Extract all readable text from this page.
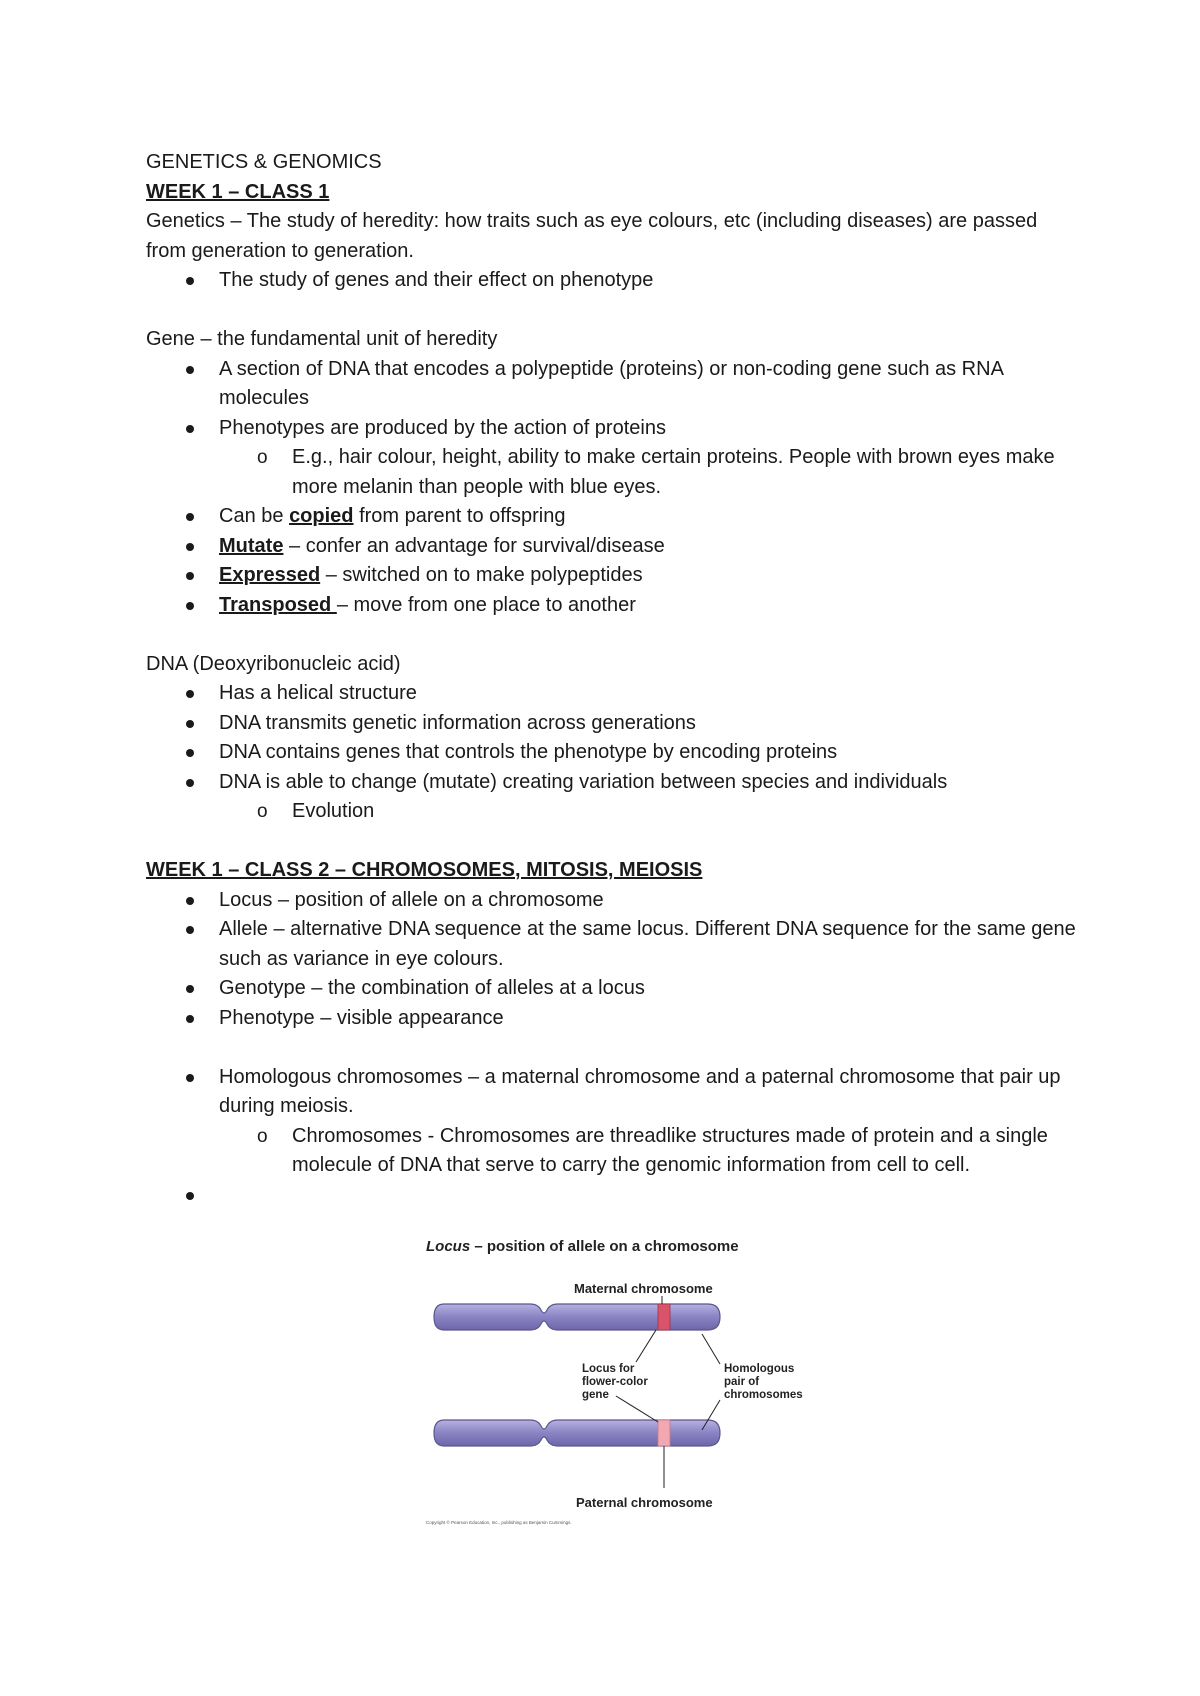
GENETICS & GENOMICS

WEEK 1 – CLASS 1

Genetics – The study of heredity: how traits such as eye colours, etc (including diseases) are passed from generation to generation.

The study of genes and their effect on phenotype

Gene – the fundamental unit of heredity

A section of DNA that encodes a polypeptide (proteins) or non-coding gene such as RNA molecules
Phenotypes are produced by the action of proteins
o E.g., hair colour, height, ability to make certain proteins. People with brown eyes make more melanin than people with blue eyes.
Can be copied from parent to offspring
Mutate – confer an advantage for survival/disease
Expressed – switched on to make polypeptides
Transposed – move from one place to another

DNA (Deoxyribonucleic acid)

Has a helical structure
DNA transmits genetic information across generations
DNA contains genes that controls the phenotype by encoding proteins
DNA is able to change (mutate) creating variation between species and individuals
o Evolution

WEEK 1 – CLASS 2 – CHROMOSOMES, MITOSIS, MEIOSIS

Locus – position of allele on a chromosome
Allele – alternative DNA sequence at the same locus. Different DNA sequence for the same gene such as variance in eye colours.
Genotype – the combination of alleles at a locus
Phenotype – visible appearance
Homologous chromosomes – a maternal chromosome and a paternal chromosome that pair up during meiosis.
o Chromosomes - Chromosomes are threadlike structures made of protein and a single molecule of DNA that serve to carry the genomic information from cell to cell.

Locus – position of allele on a chromosome
Maternal chromosome
Locus for flower-color gene
Homologous pair of chromosomes
Paternal chromosome
Copyright © Pearson Education, Inc., publishing as Benjamin Cummings.
